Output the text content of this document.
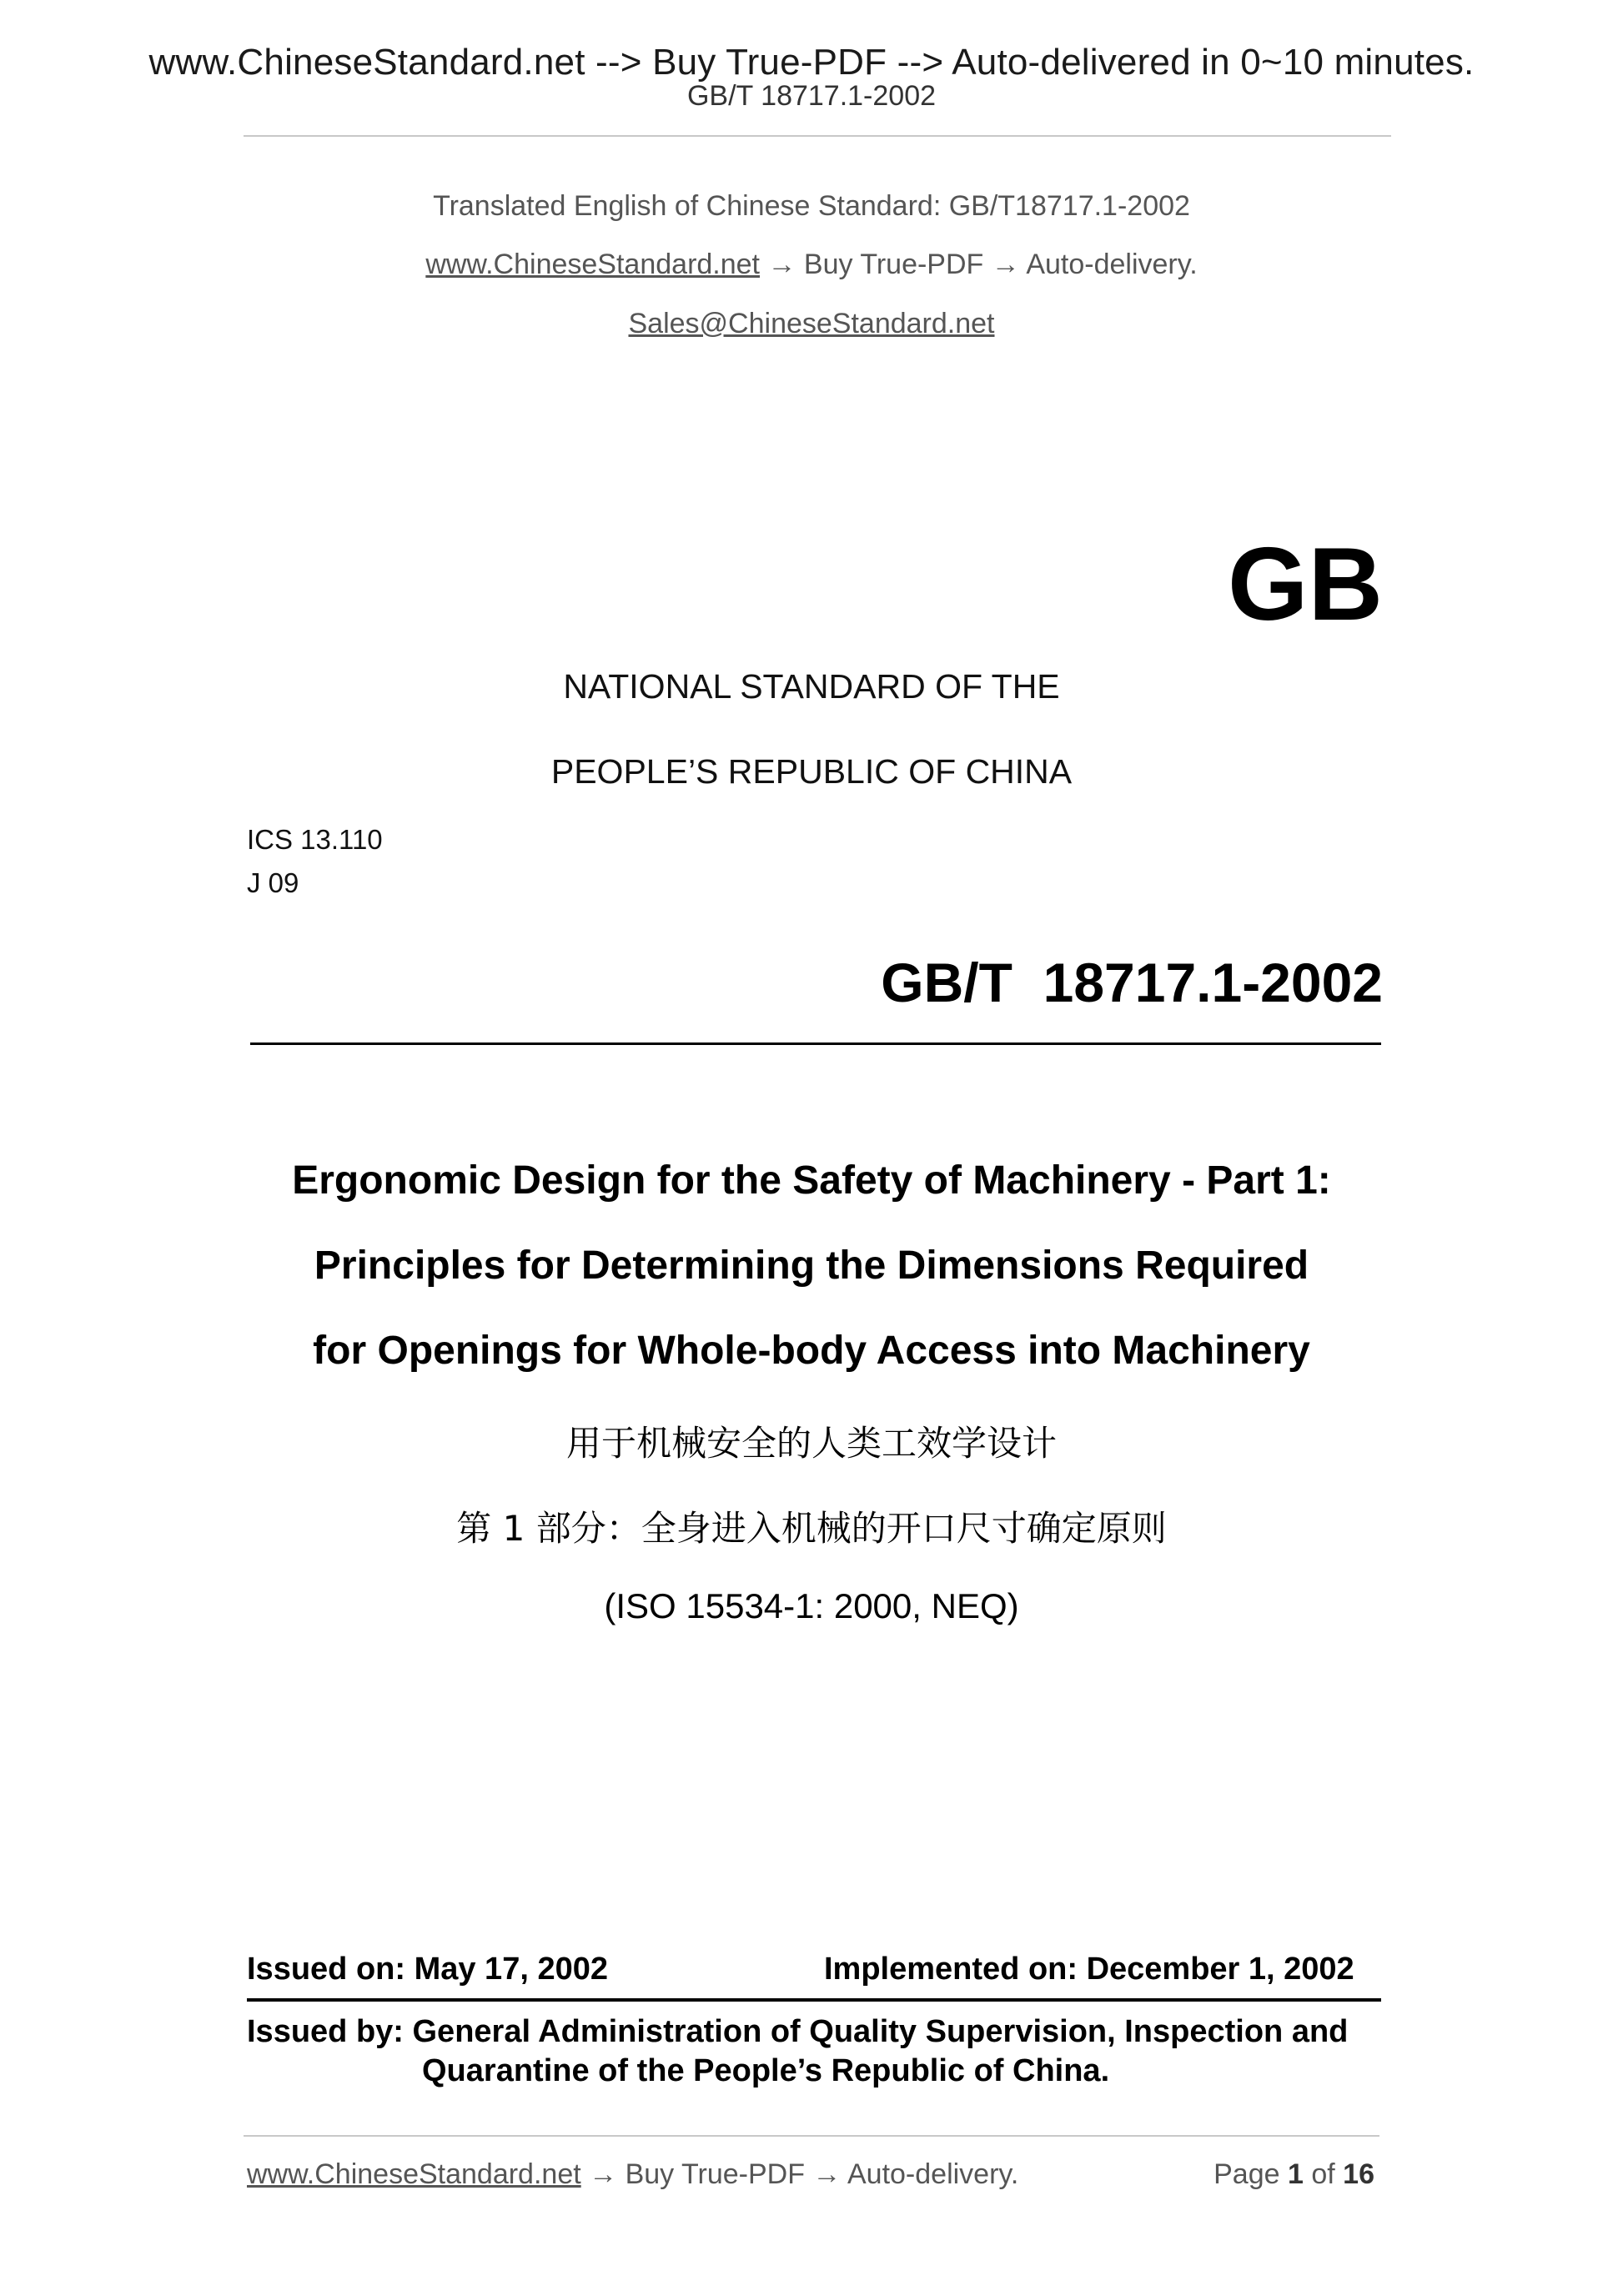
www.ChineseStandard.net --> Buy True-PDF --> Auto-delivered in 0~10 minutes.
GB/T 18717.1-2002
Translated English of Chinese Standard: GB/T18717.1-2002
www.ChineseStandard.net → Buy True-PDF → Auto-delivery.
Sales@ChineseStandard.net
GB
NATIONAL STANDARD OF THE
PEOPLE’S REPUBLIC OF CHINA
ICS 13.110
J 09
GB/T  18717.1-2002
Ergonomic Design for the Safety of Machinery - Part 1:
Principles for Determining the Dimensions Required
for Openings for Whole-body Access into Machinery
用于机械安全的人类工效学设计
第 1 部分：全身进入机械的开口尺寸确定原则
(ISO 15534-1: 2000, NEQ)
Issued on: May 17, 2002	Implemented on: December 1, 2002
Issued by: General Administration of Quality Supervision, Inspection and
Quarantine of the People’s Republic of China.
www.ChineseStandard.net → Buy True-PDF → Auto-delivery.	Page 1 of 16
